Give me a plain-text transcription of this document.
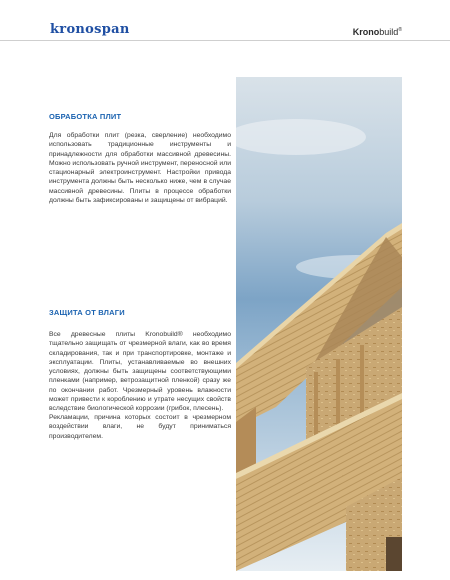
kronospan	Kronobuild®
ОБРАБОТКА ПЛИТ

Для обработки плит (резка, сверление) необходимо использовать традиционные инструменты и принадлежности для обработки массивной древесины. Можно использовать ручной инструмент, переносной или стационарный электроинструмент. Настройки привода инструмента должны быть несколько ниже, чем в случае массивной древесины. Плиты в процессе обработки должны быть зафиксированы и защищены от вибраций.

ЗАЩИТА ОТ ВЛАГИ

Все древесные плиты Kronobuild® необходимо тщательно защищать от чрезмерной влаги, как во время складирования, так и при транспортировке, монтаже и эксплуатации. Плиты, устанавливаемые во внешних условиях, должны быть защищены соответствующими пленками (например, ветрозащитной пленкой) сразу же по окончании работ. Чрезмерный уровень влажности может привести к короблению и утрате несущих свойств вследствие биологической коррозии (грибок, плесень).

Рекламации, причина которых состоит в чрезмерном воздействии влаги, не будут приниматься производителем.
